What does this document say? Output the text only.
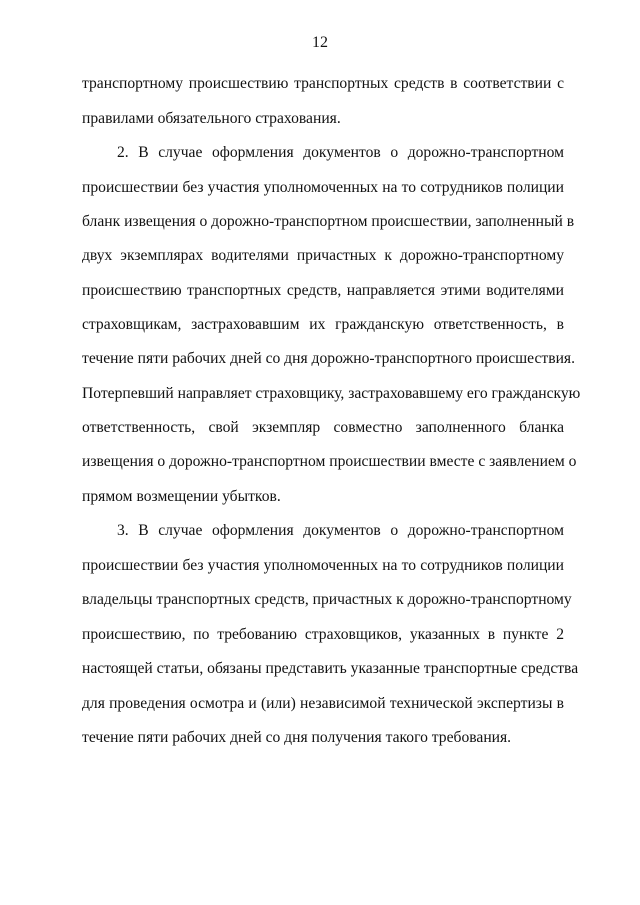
12
транспортному происшествию транспортных средств в соответствии с
правилами обязательного страхования.
2. В случае оформления документов о дорожно-транспортном
происшествии без участия уполномоченных на то сотрудников полиции
бланк извещения о дорожно-транспортном происшествии, заполненный в
двух экземплярах водителями причастных к дорожно-транспортному
происшествию транспортных средств, направляется этими водителями
страховщикам, застраховавшим их гражданскую ответственность, в
течение пяти рабочих дней со дня дорожно-транспортного происшествия.
Потерпевший направляет страховщику, застраховавшему его гражданскую
ответственность, свой экземпляр совместно заполненного бланка
извещения о дорожно-транспортном происшествии вместе с заявлением о
прямом возмещении убытков.
3. В случае оформления документов о дорожно-транспортном
происшествии без участия уполномоченных на то сотрудников полиции
владельцы транспортных средств, причастных к дорожно-транспортному
происшествию, по требованию страховщиков, указанных в пункте 2
настоящей статьи, обязаны представить указанные транспортные средства
для проведения осмотра и (или) независимой технической экспертизы в
течение пяти рабочих дней со дня получения такого требования.
